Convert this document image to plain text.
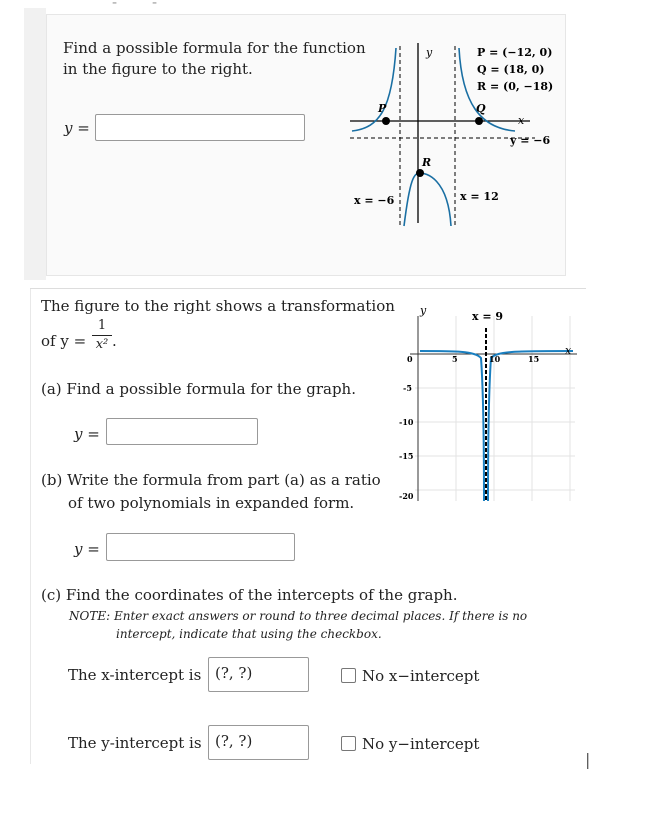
- -
Find a possible formula for the function
in the figure to the right.
y =
y
x
P	Q
R
P = (−12, 0)
Q = (18, 0)
R = (0, −18)
y = −6
x = −6	x = 12
The figure to the right shows a transformation
of y =
1
x² .
(a) Find a possible formula for the graph.
y =
(b) Write the formula from part (a) as a ratio
of two polynomials in expanded form.
y =
(c) Find the coordinates of the intercepts of the graph.
NOTE: Enter exact answers or round to three decimal places. If there is no
intercept, indicate that using the checkbox.
The x-intercept is (?, ?)	No x−intercept
The y-intercept is (?, ?)	No y−intercept
y
x
x = 9
5	10	15
0
-5
-10
-15
-20
|
